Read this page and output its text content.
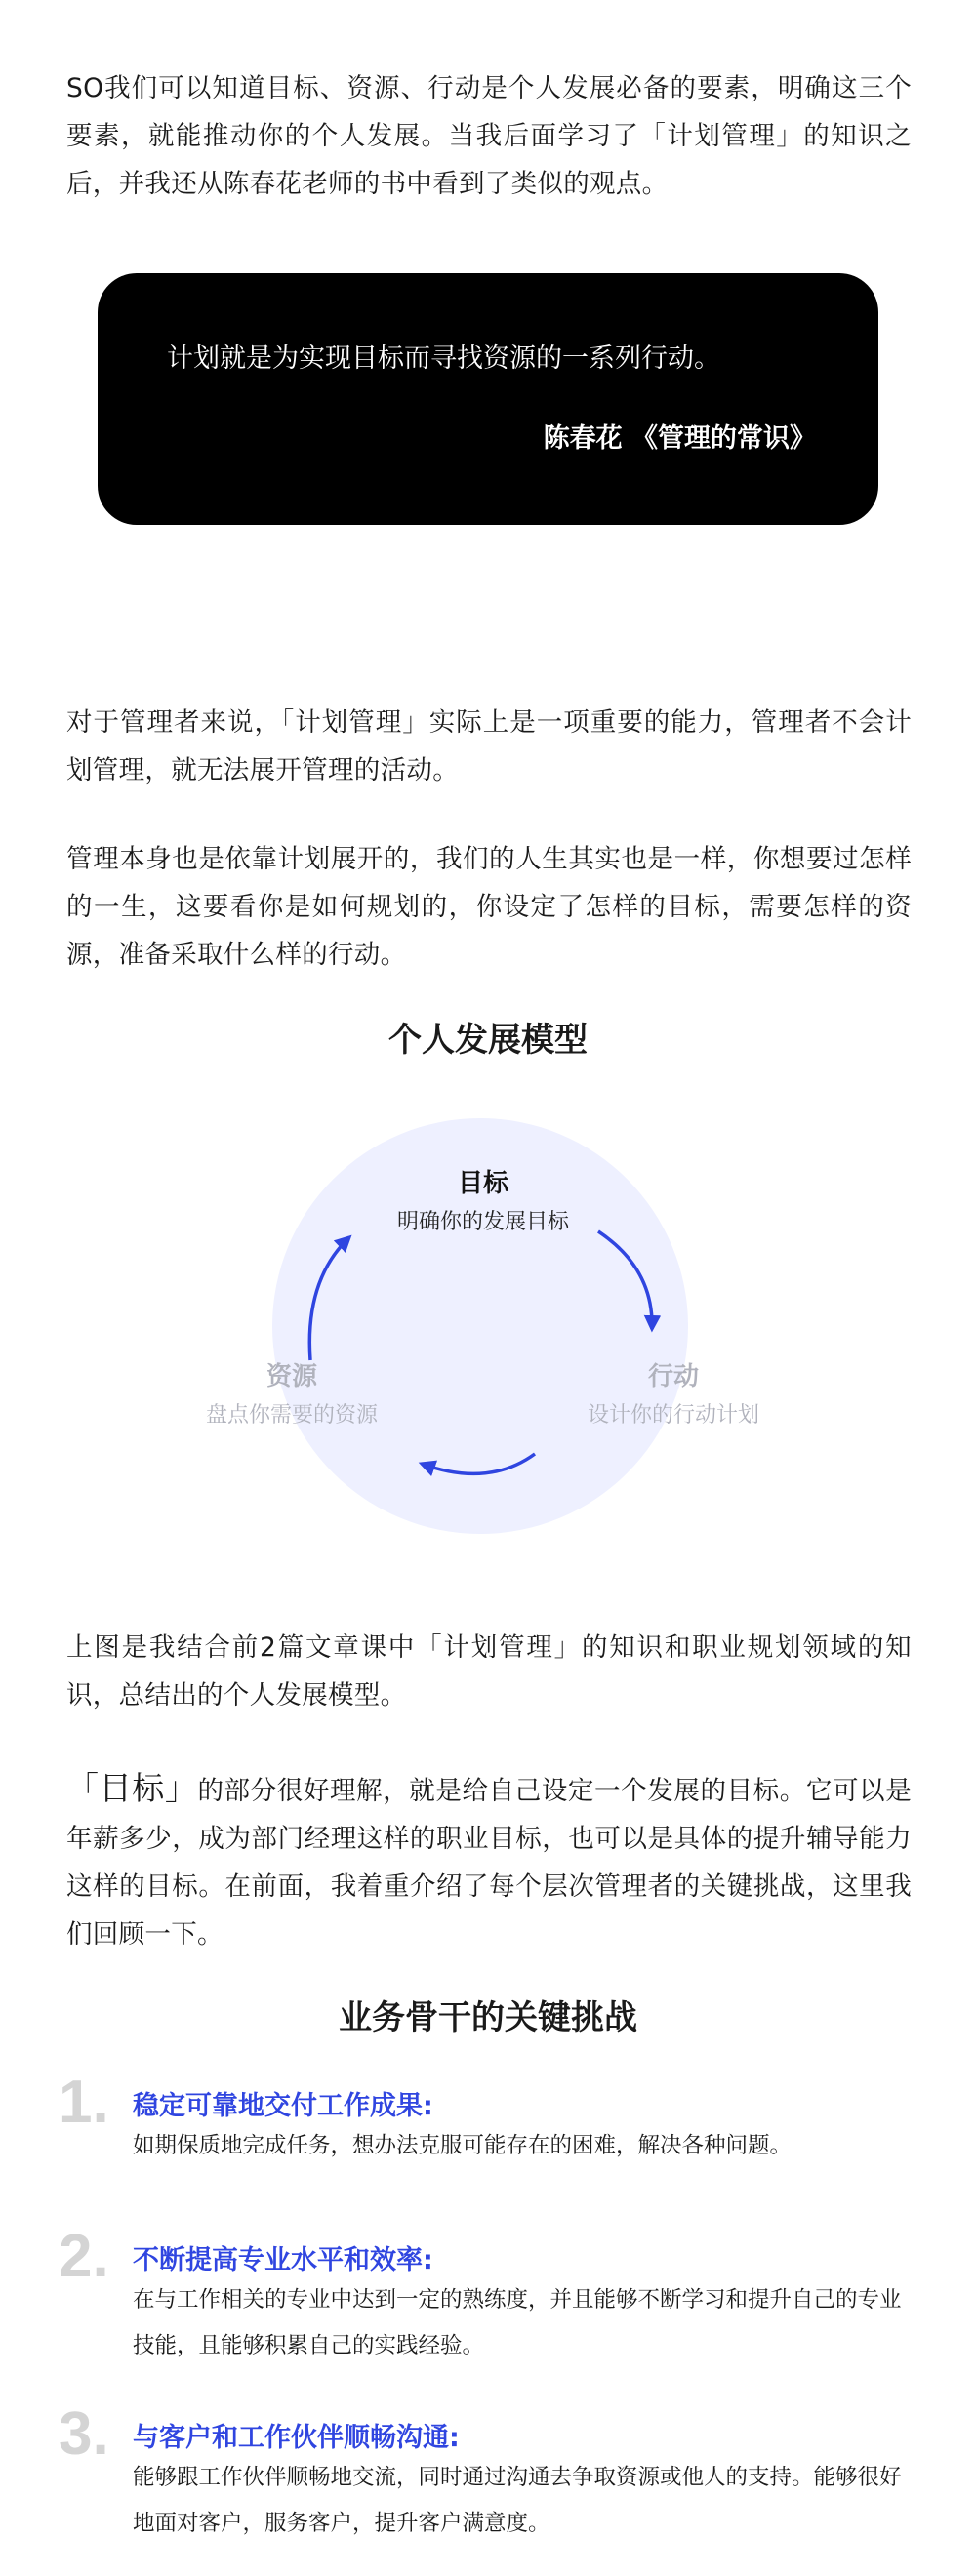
SO我们可以知道目标、资源、行动是个人发展必备的要素，明确这三个要素，就能推动你的个人发展。当我后面学习了「计划管理」的知识之后，并我还从陈春花老师的书中看到了类似的观点。

计划就是为实现目标而寻找资源的一系列行动。
陈春花 《管理的常识》

对于管理者来说，「计划管理」实际上是一项重要的能力，管理者不会计划管理，就无法展开管理的活动。

管理本身也是依靠计划展开的，我们的人生其实也是一样，你想要过怎样的一生，这要看你是如何规划的，你设定了怎样的目标，需要怎样的资源，准备采取什么样的行动。

个人发展模型
目标
明确你的发展目标
资源
盘点你需要的资源
行动
设计你的行动计划

上图是我结合前2篇文章课中「计划管理」的知识和职业规划领域的知识，总结出的个人发展模型。

「目标」的部分很好理解，就是给自己设定一个发展的目标。它可以是年薪多少，成为部门经理这样的职业目标，也可以是具体的提升辅导能力这样的目标。在前面，我着重介绍了每个层次管理者的关键挑战，这里我们回顾一下。

业务骨干的关键挑战
1. 稳定可靠地交付工作成果:
如期保质地完成任务，想办法克服可能存在的困难，解决各种问题。
2. 不断提高专业水平和效率:
在与工作相关的专业中达到一定的熟练度，并且能够不断学习和提升自己的专业技能，且能够积累自己的实践经验。
3. 与客户和工作伙伴顺畅沟通:
能够跟工作伙伴顺畅地交流，同时通过沟通去争取资源或他人的支持。能够很好地面对客户，服务客户，提升客户满意度。
